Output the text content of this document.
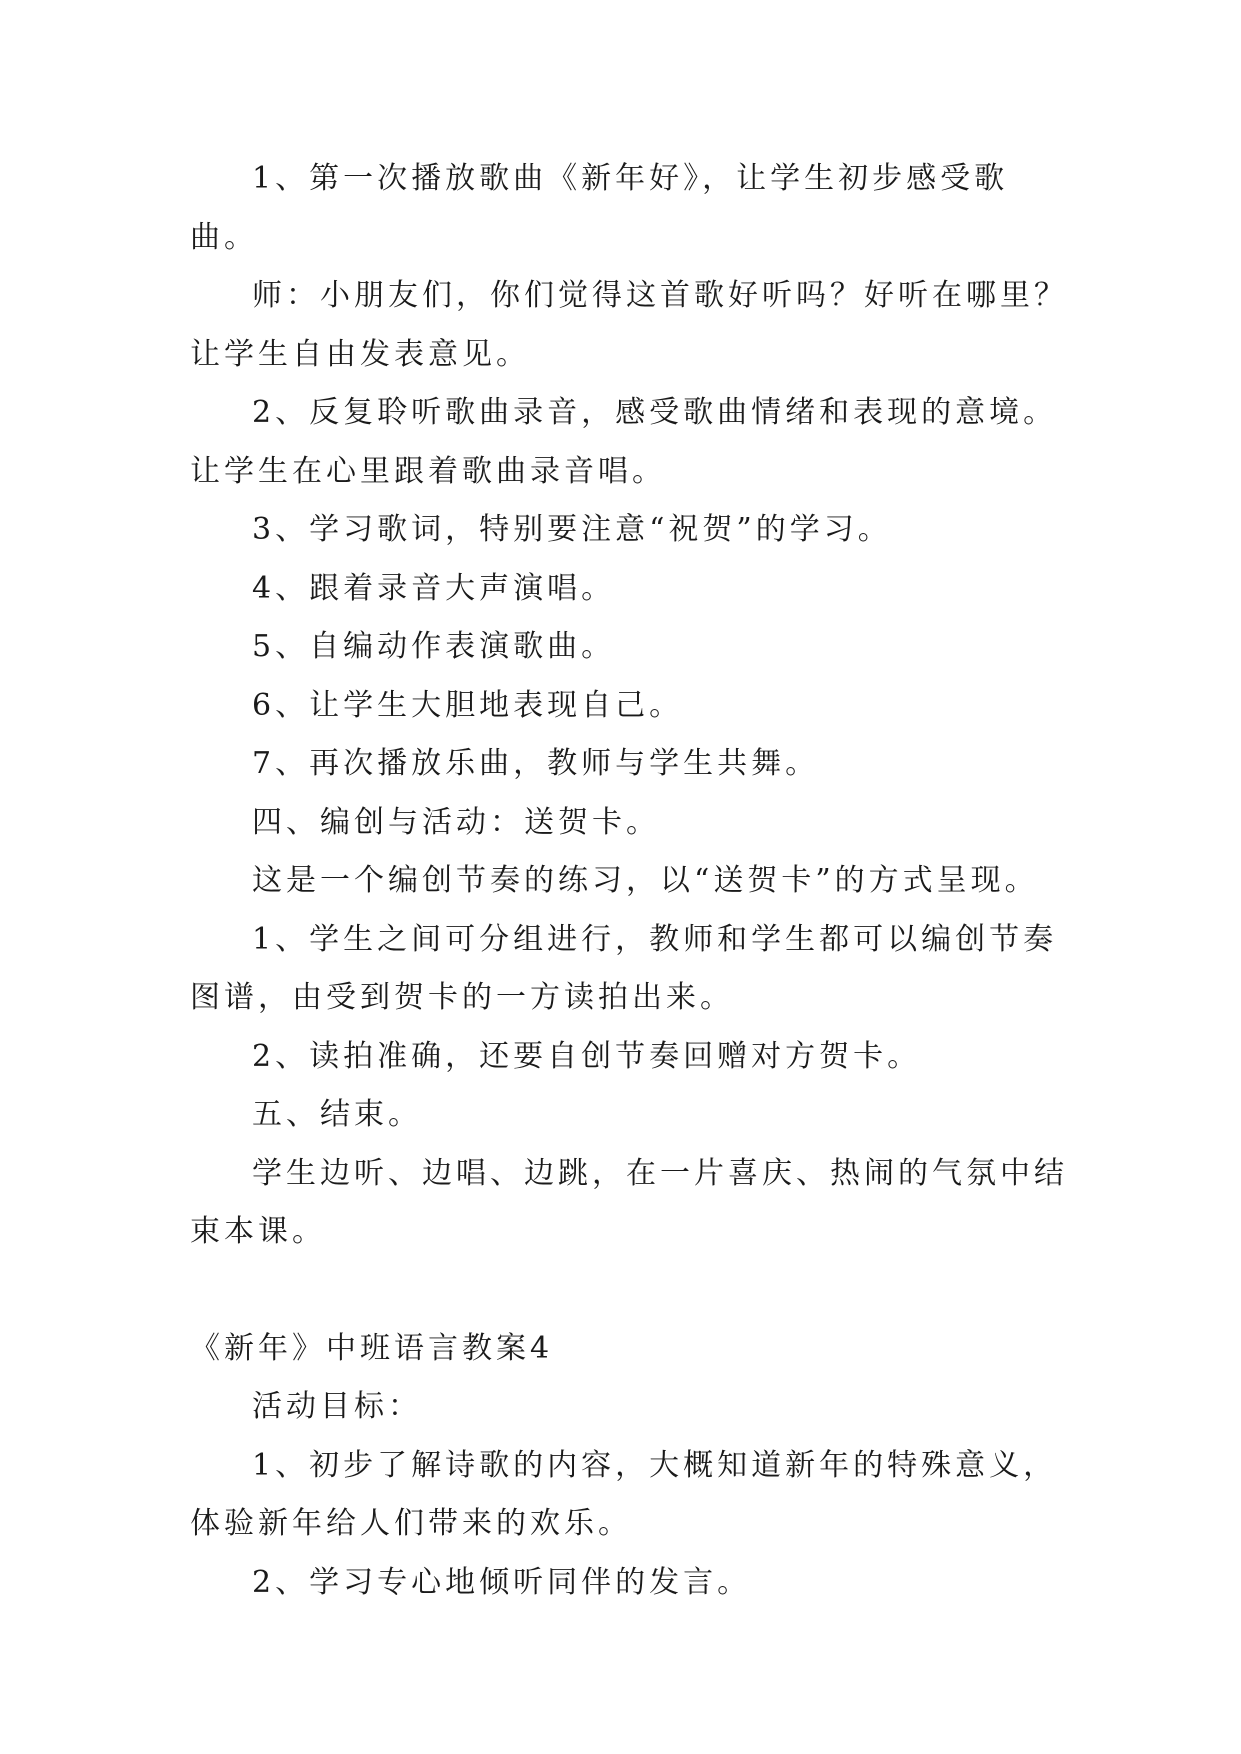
1、第一次播放歌曲《新年好》，让学生初步感受歌曲。

师：小朋友们，你们觉得这首歌好听吗？好听在哪里？让学生自由发表意见。

2、反复聆听歌曲录音，感受歌曲情绪和表现的意境。让学生在心里跟着歌曲录音唱。

3、学习歌词，特别要注意“祝贺”的学习。

4、跟着录音大声演唱。

5、自编动作表演歌曲。

6、让学生大胆地表现自己。

7、再次播放乐曲，教师与学生共舞。

四、编创与活动：送贺卡。

这是一个编创节奏的练习，以“送贺卡”的方式呈现。

1、学生之间可分组进行，教师和学生都可以编创节奏图谱，由受到贺卡的一方读拍出来。

2、读拍准确，还要自创节奏回赠对方贺卡。

五、结束。

学生边听、边唱、边跳，在一片喜庆、热闹的气氛中结束本课。

《新年》中班语言教案4

活动目标：

1、初步了解诗歌的内容，大概知道新年的特殊意义，体验新年给人们带来的欢乐。

2、学习专心地倾听同伴的发言。
